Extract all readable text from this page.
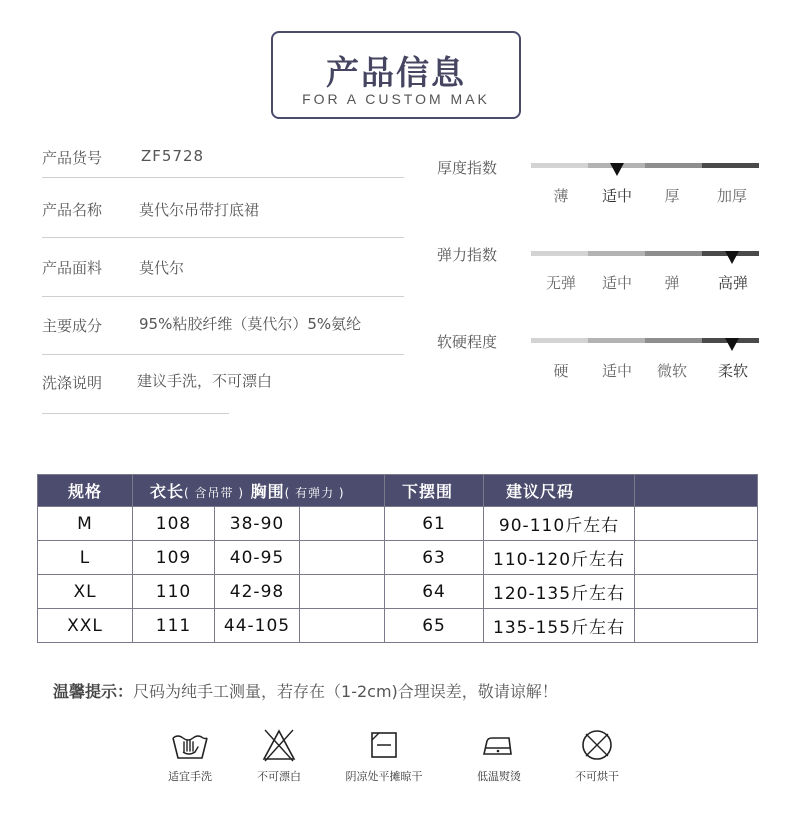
产品信息
FOR A CUSTOM MAK
产品货号	ZF5728
产品名称 莫代尔吊带打底裙
产品面料 莫代尔
主要成分 95%粘胶纤维（莫代尔）5%氨纶
洗涤说明 建议手洗，不可漂白
厚度指数
薄	适中	厚	加厚
弹力指数
无弹	适中	弹	高弹
软硬程度
硬	适中	微软	柔软
规格	衣长( 含吊带 ) 胸围( 有弹力 )			下摆围	建议尺码	
M	108	38-90		61	90-110斤左右	
L	109	40-95		63	110-120斤左右	
XL	110	42-98		64	120-135斤左右	
XXL	111	44-105		65	135-155斤左右	
温馨提示：尺码为纯手工测量，若存在（1-2cm)合理误差，敬请谅解！
适宜手洗	不可漂白	阴凉处平摊晾干	低温熨烫	不可烘干
